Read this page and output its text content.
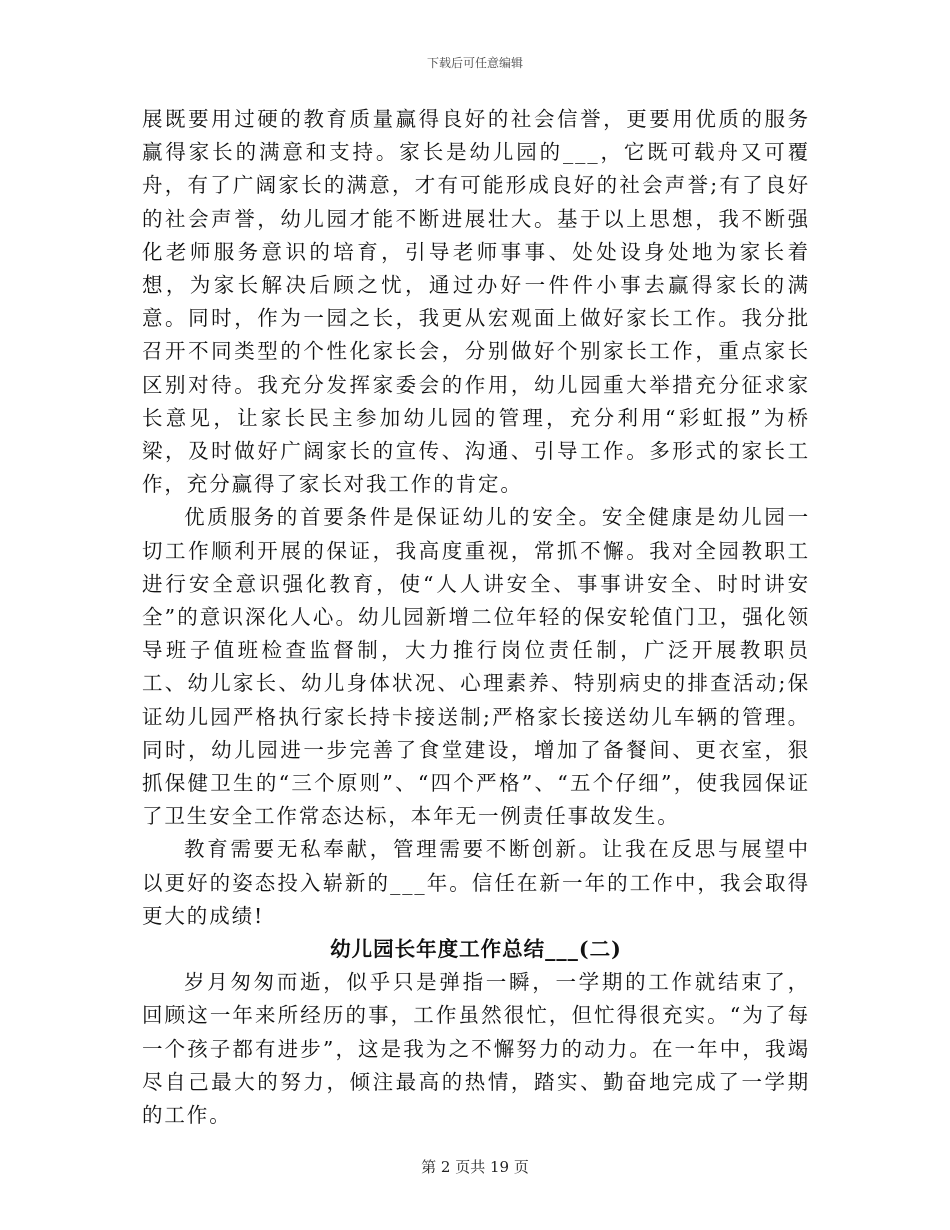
下载后可任意编辑

展既要用过硬的教育质量赢得良好的社会信誉，更要用优质的服务赢得家长的满意和支持。家长是幼儿园的___，它既可载舟又可覆舟，有了广阔家长的满意，才有可能形成良好的社会声誉;有了良好的社会声誉，幼儿园才能不断进展壮大。基于以上思想，我不断强化老师服务意识的培育，引导老师事事、处处设身处地为家长着想，为家长解决后顾之忧，通过办好一件件小事去赢得家长的满意。同时，作为一园之长，我更从宏观面上做好家长工作。我分批召开不同类型的个性化家长会，分别做好个别家长工作，重点家长区别对待。我充分发挥家委会的作用，幼儿园重大举措充分征求家长意见，让家长民主参加幼儿园的管理，充分利用“彩虹报”为桥梁，及时做好广阔家长的宣传、沟通、引导工作。多形式的家长工作，充分赢得了家长对我工作的肯定。

优质服务的首要条件是保证幼儿的安全。安全健康是幼儿园一切工作顺利开展的保证，我高度重视，常抓不懈。我对全园教职工进行安全意识强化教育，使“人人讲安全、事事讲安全、时时讲安全”的意识深化人心。幼儿园新增二位年轻的保安轮值门卫，强化领导班子值班检查监督制，大力推行岗位责任制，广泛开展教职员工、幼儿家长、幼儿身体状况、心理素养、特别病史的排查活动;保证幼儿园严格执行家长持卡接送制;严格家长接送幼儿车辆的管理。同时，幼儿园进一步完善了食堂建设，增加了备餐间、更衣室，狠抓保健卫生的“三个原则”、“四个严格”、“五个仔细”，使我园保证了卫生安全工作常态达标，本年无一例责任事故发生。

教育需要无私奉献，管理需要不断创新。让我在反思与展望中以更好的姿态投入崭新的___年。信任在新一年的工作中，我会取得更大的成绩!

幼儿园长年度工作总结___(二)

岁月匆匆而逝，似乎只是弹指一瞬，一学期的工作就结束了，回顾这一年来所经历的事，工作虽然很忙，但忙得很充实。“为了每一个孩子都有进步”，这是我为之不懈努力的动力。在一年中，我竭尽自己最大的努力，倾注最高的热情，踏实、勤奋地完成了一学期的工作。

第 2 页共 19 页
